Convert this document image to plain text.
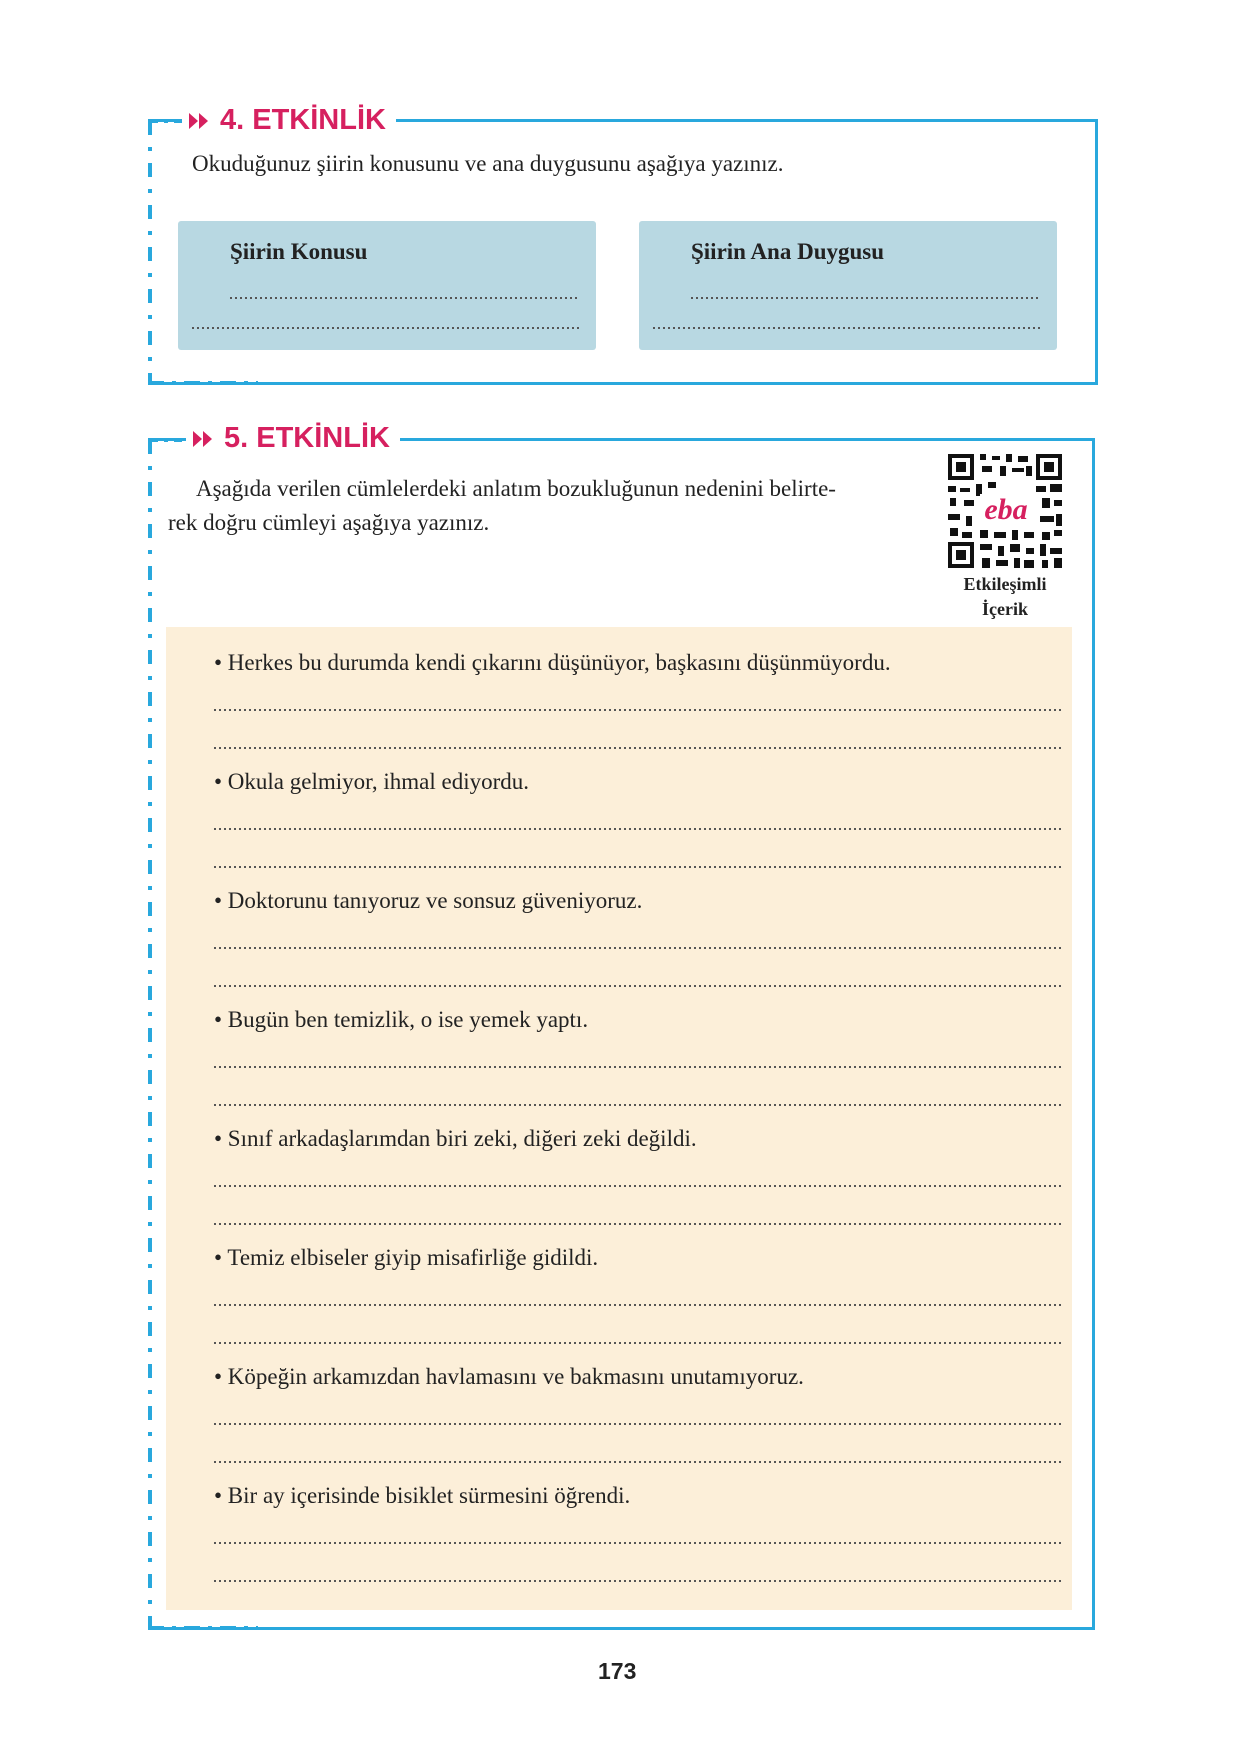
4. ETKİNLİK
Okuduğunuz şiirin konusunu ve ana duygusunu aşağıya yazınız.
Şiirin Konusu	Şiirin Ana Duygusu
5. ETKİNLİK
Aşağıda verilen cümlelerdeki anlatım bozukluğunun nedenini belirte-
rek doğru cümleyi aşağıya yazınız.	eba
Etkileşimli
İçerik
• Herkes bu durumda kendi çıkarını düşünüyor, başkasını düşünmüyordu.
• Okula gelmiyor, ihmal ediyordu.
• Doktorunu tanıyoruz ve sonsuz güveniyoruz.
• Bugün ben temizlik, o ise yemek yaptı.
• Sınıf arkadaşlarımdan biri zeki, diğeri zeki değildi.
• Temiz elbiseler giyip misafirliğe gidildi.
• Köpeğin arkamızdan havlamasını ve bakmasını unutamıyoruz.
• Bir ay içerisinde bisiklet sürmesini öğrendi.
173
